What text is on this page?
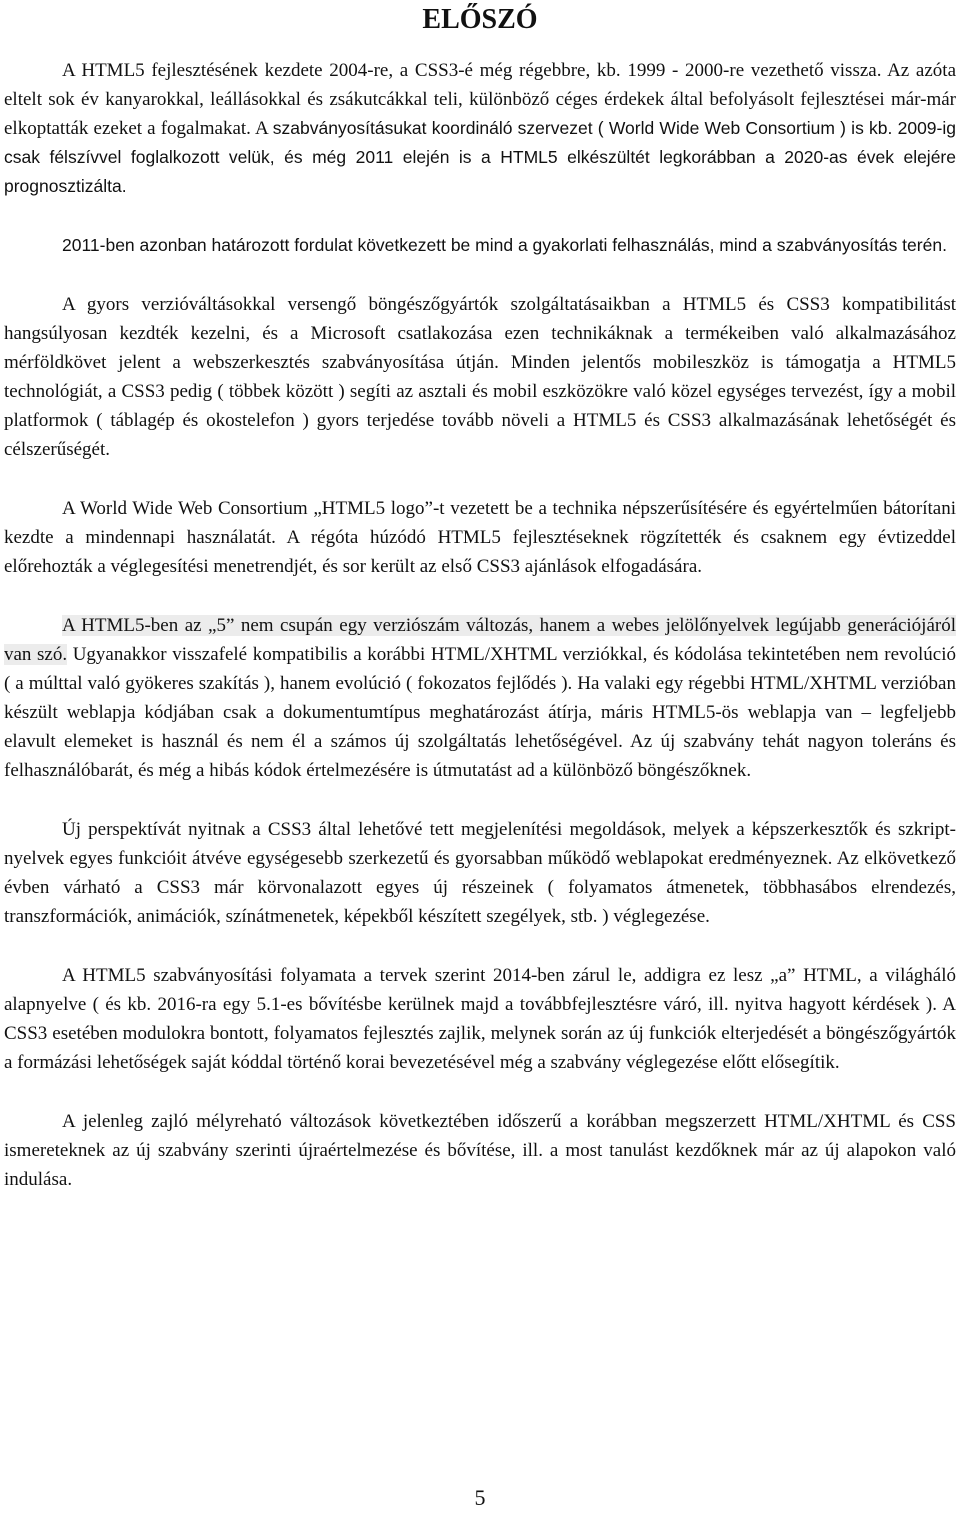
ELŐSZÓ

A HTML5 fejlesztésének kezdete 2004-re, a CSS3-é még régebbre, kb. 1999 - 2000-re vezethető vissza. Az azóta eltelt sok év kanyarokkal, leállásokkal és zsákutcákkal teli, különböző céges érdekek által befolyásolt fejlesztései már-már elkoptatták ezeket a fogalmakat. A szabványosításukat koordináló szervezet ( World Wide Web Consortium ) is kb. 2009-ig csak félszívvel foglalkozott velük, és még 2011 elején is a HTML5 elkészültét legkorábban a 2020-as évek elejére prognosztizálta.

2011-ben azonban határozott fordulat következett be mind a gyakorlati felhasználás, mind a szabványosítás terén.

A gyors verzióváltásokkal versengő böngészőgyártók szolgáltatásaikban a HTML5 és CSS3 kompatibilitást hangsúlyosan kezdték kezelni, és a Microsoft csatlakozása ezen technikáknak a termékeiben való alkalmazásához mérföldkövet jelent a webszerkesztés szabványosítása útján. Minden jelentős mobileszköz is támogatja a HTML5 technológiát, a CSS3 pedig ( többek között ) segíti az asztali és mobil eszközökre való közel egységes tervezést, így a mobil platformok ( táblagép és okostelefon ) gyors terjedése tovább növeli a HTML5 és CSS3 alkalmazásának lehetőségét és célszerűségét.

A World Wide Web Consortium „HTML5 logo”-t vezetett be a technika népszerűsítésére és egyértelműen bátorítani kezdte a mindennapi használatát. A régóta húzódó HTML5 fejlesztéseknek rögzítették és csaknem egy évtizeddel előrehozták a véglegesítési menetrendjét, és sor került az első CSS3 ajánlások elfogadására.

A HTML5-ben az „5” nem csupán egy verziószám változás, hanem a webes jelölőnyelvek legújabb generációjáról van szó. Ugyanakkor visszafelé kompatibilis a korábbi HTML/XHTML verziókkal, és kódolása tekintetében nem revolúció ( a múlttal való gyökeres szakítás ), hanem evolúció ( fokozatos fejlődés ). Ha valaki egy régebbi HTML/XHTML verzióban készült weblapja kódjában csak a dokumentumtípus meghatározást átírja, máris HTML5-ös weblapja van – legfeljebb elavult elemeket is használ és nem él a számos új szolgáltatás lehetőségével. Az új szabvány tehát nagyon toleráns és felhasználóbarát, és még a hibás kódok értelmezésére is útmutatást ad a különböző böngészőknek.

Új perspektívát nyitnak a CSS3 által lehetővé tett megjelenítési megoldások, melyek a képszerkesztők és szkript-nyelvek egyes funkcióit átvéve egységesebb szerkezetű és gyorsabban működő weblapokat eredményeznek. Az elkövetkező évben várható a CSS3 már körvonalazott egyes új részeinek ( folyamatos átmenetek, többhasábos elrendezés, transzformációk, animációk, színátmenetek, képekből készített szegélyek, stb. ) véglegezése.

A HTML5 szabványosítási folyamata a tervek szerint 2014-ben zárul le, addigra ez lesz „a” HTML, a világháló alapnyelve ( és kb. 2016-ra egy 5.1-es bővítésbe kerülnek majd a továbbfejlesztésre váró, ill. nyitva hagyott kérdések ). A CSS3 esetében modulokra bontott, folyamatos fejlesztés zajlik, melynek során az új funkciók elterjedését a böngészőgyártók a formázási lehetőségek saját kóddal történő korai bevezetésével még a szabvány véglegezése előtt elősegítik.

A jelenleg zajló mélyreható változások következtében időszerű a korábban megszerzett HTML/XHTML és CSS ismereteknek az új szabvány szerinti újraértelmezése és bővítése, ill. a most tanulást kezdőknek már az új alapokon való indulása.

5
